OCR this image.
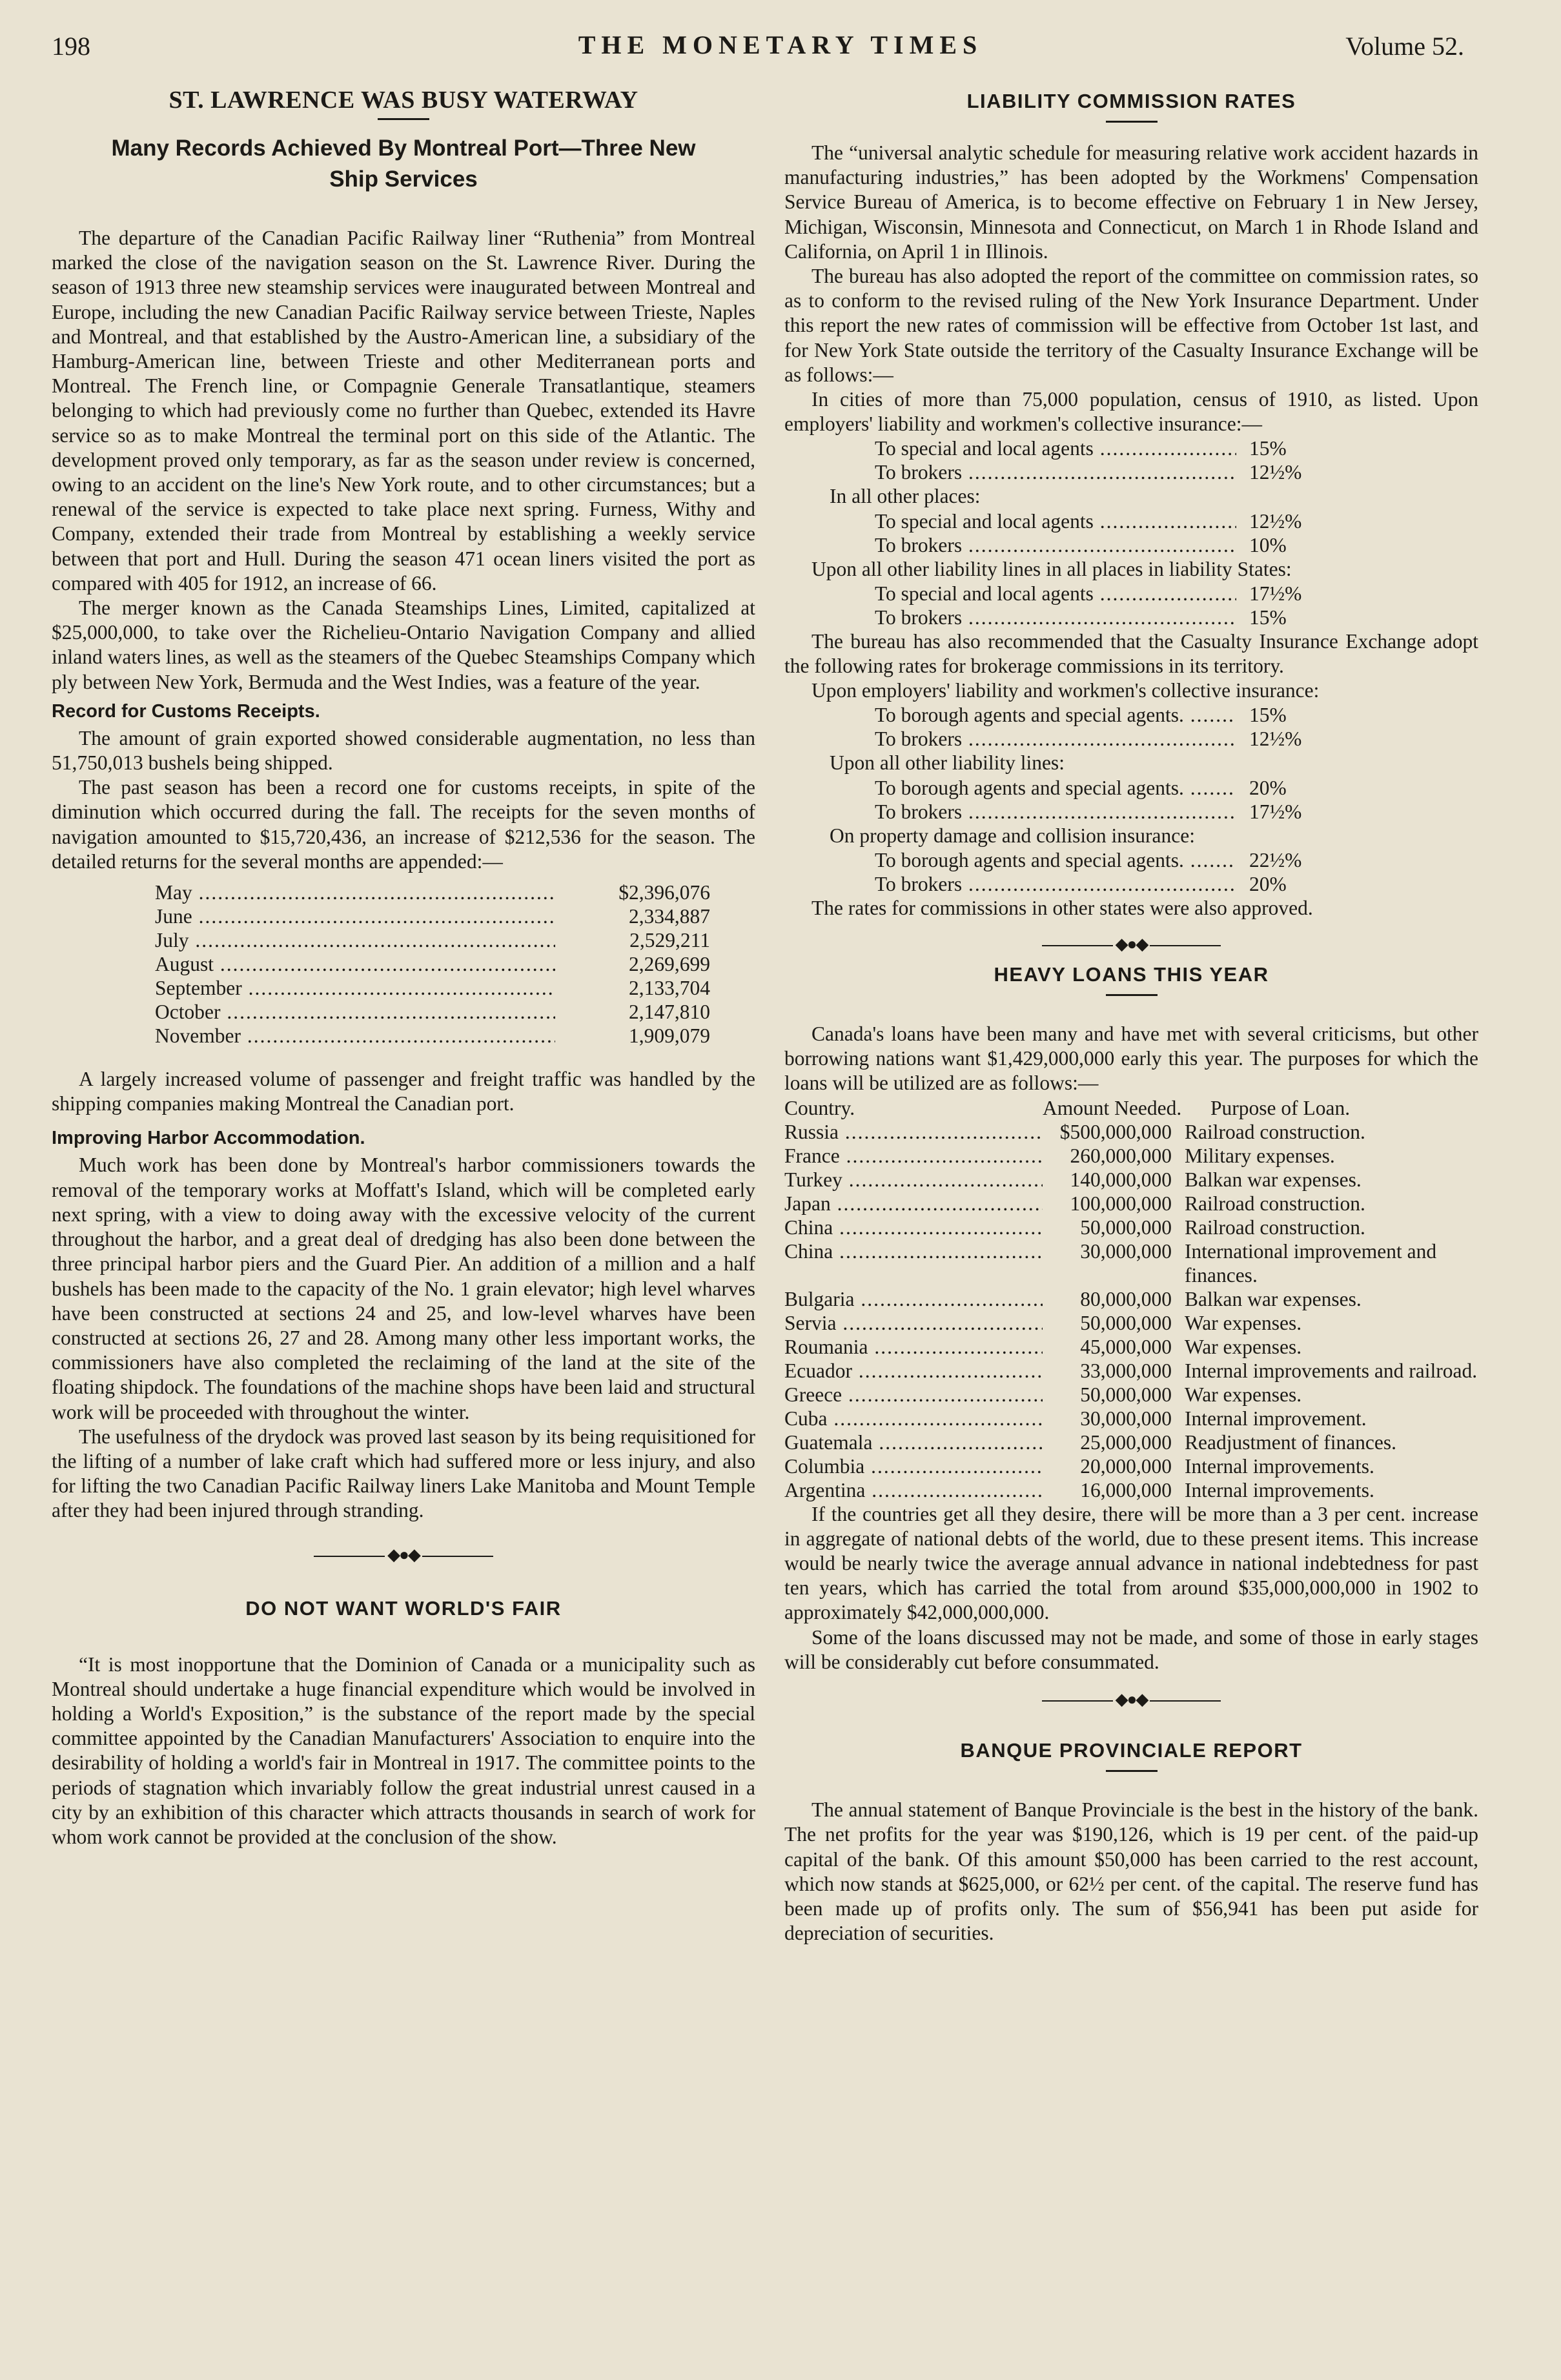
198	THE MONETARY TIMES	Volume 52.

ST. LAWRENCE WAS BUSY WATERWAY

Many Records Achieved By Montreal Port—Three New Ship Services

The departure of the Canadian Pacific Railway liner “Ruthenia” from Montreal marked the close of the navigation season on the St. Lawrence River. During the season of 1913 three new steamship services were inaugurated between Montreal and Europe, including the new Canadian Pacific Railway service between Trieste, Naples and Montreal, and that established by the Austro-American line, a subsidiary of the Hamburg-American line, between Trieste and other Mediterranean ports and Montreal. The French line, or Compagnie Generale Transatlantique, steamers belonging to which had previously come no further than Quebec, extended its Havre service so as to make Montreal the terminal port on this side of the Atlantic. The development proved only temporary, as far as the season under review is concerned, owing to an accident on the line's New York route, and to other circumstances; but a renewal of the service is expected to take place next spring. Furness, Withy and Company, extended their trade from Montreal by establishing a weekly service between that port and Hull. During the season 471 ocean liners visited the port as compared with 405 for 1912, an increase of 66.

The merger known as the Canada Steamships Lines, Limited, capitalized at $25,000,000, to take over the Richelieu-Ontario Navigation Company and allied inland waters lines, as well as the steamers of the Quebec Steamships Company which ply between New York, Bermuda and the West Indies, was a feature of the year.

Record for Customs Receipts.

The amount of grain exported showed considerable augmentation, no less than 51,750,013 bushels being shipped.

The past season has been a record one for customs receipts, in spite of the diminution which occurred during the fall. The receipts for the seven months of navigation amounted to $15,720,436, an increase of $212,536 for the season. The detailed returns for the several months are appended:—

May .....	$2,396,076
June .....	2,334,887
July .....	2,529,211
August .....	2,269,699
September .....	2,133,704
October .....	2,147,810
November .....	1,909,079

A largely increased volume of passenger and freight traffic was handled by the shipping companies making Montreal the Canadian port.

Improving Harbor Accommodation.

Much work has been done by Montreal's harbor commissioners towards the removal of the temporary works at Moffatt's Island, which will be completed early next spring, with a view to doing away with the excessive velocity of the current throughout the harbor, and a great deal of dredging has also been done between the three principal harbor piers and the Guard Pier. An addition of a million and a half bushels has been made to the capacity of the No. 1 grain elevator; high level wharves have been constructed at sections 24 and 25, and low-level wharves have been constructed at sections 26, 27 and 28. Among many other less important works, the commissioners have also completed the reclaiming of the land at the site of the floating shipdock. The foundations of the machine shops have been laid and structural work will be proceeded with throughout the winter.

The usefulness of the drydock was proved last season by its being requisitioned for the lifting of a number of lake craft which had suffered more or less injury, and also for lifting the two Canadian Pacific Railway liners Lake Manitoba and Mount Temple after they had been injured through stranding.

◆●◆

DO NOT WANT WORLD'S FAIR

“It is most inopportune that the Dominion of Canada or a municipality such as Montreal should undertake a huge financial expenditure which would be involved in holding a World's Exposition,” is the substance of the report made by the special committee appointed by the Canadian Manufacturers' Association to enquire into the desirability of holding a world's fair in Montreal in 1917. The committee points to the periods of stagnation which invariably follow the great industrial unrest caused in a city by an exhibition of this character which attracts thousands in search of work for whom work cannot be provided at the conclusion of the show.

LIABILITY COMMISSION RATES

The “universal analytic schedule for measuring relative work accident hazards in manufacturing industries,” has been adopted by the Workmens' Compensation Service Bureau of America, is to become effective on February 1 in New Jersey, Michigan, Wisconsin, Minnesota and Connecticut, on March 1 in Rhode Island and California, on April 1 in Illinois.

The bureau has also adopted the report of the committee on commission rates, so as to conform to the revised ruling of the New York Insurance Department. Under this report the new rates of commission will be effective from October 1st last, and for New York State outside the territory of the Casualty Insurance Exchange will be as follows:—

In cities of more than 75,000 population, census of 1910, as listed. Upon employers' liability and workmen's collective insurance:—

To special and local agents .....	15%
To brokers .....	12½%

In all other places:

To special and local agents .....	12½%
To brokers .....	10%

Upon all other liability lines in all places in liability States:

To special and local agents .....	17½%
To brokers .....	15%

The bureau has also recommended that the Casualty Insurance Exchange adopt the following rates for brokerage commissions in its territory.

Upon employers' liability and workmen's collective insurance:

To borough agents and special agents. .....	15%
To brokers .....	12½%

Upon all other liability lines:

To borough agents and special agents. .....	20%
To brokers .....	17½%

On property damage and collision insurance:

To borough agents and special agents. .....	22½%
To brokers .....	20%

The rates for commissions in other states were also approved.

◆●◆

HEAVY LOANS THIS YEAR

Canada's loans have been many and have met with several criticisms, but other borrowing nations want $1,429,000,000 early this year. The purposes for which the loans will be utilized are as follows:—

Country.	Amount Needed.	Purpose of Loan.
Russia .....	$500,000,000	Railroad construction.
France .....	260,000,000	Military expenses.
Turkey .....	140,000,000	Balkan war expenses.
Japan .....	100,000,000	Railroad construction.
China .....	50,000,000	Railroad construction.
China .....	30,000,000	International improvement and finances.
Bulgaria .....	80,000,000	Balkan war expenses.
Servia .....	50,000,000	War expenses.
Roumania .....	45,000,000	War expenses.
Ecuador .....	33,000,000	Internal improvements and railroad.
Greece .....	50,000,000	War expenses.
Cuba .....	30,000,000	Internal improvement.
Guatemala .....	25,000,000	Readjustment of finances.
Columbia .....	20,000,000	Internal improvements.
Argentina .....	16,000,000	Internal improvements.

If the countries get all they desire, there will be more than a 3 per cent. increase in aggregate of national debts of the world, due to these present items. This increase would be nearly twice the average annual advance in national indebtedness for past ten years, which has carried the total from around $35,000,000,000 in 1902 to approximately $42,000,000,000.

Some of the loans discussed may not be made, and some of those in early stages will be considerably cut before consummated.

◆●◆

BANQUE PROVINCIALE REPORT

The annual statement of Banque Provinciale is the best in the history of the bank. The net profits for the year was $190,126, which is 19 per cent. of the paid-up capital of the bank. Of this amount $50,000 has been carried to the rest account, which now stands at $625,000, or 62½ per cent. of the capital. The reserve fund has been made up of profits only. The sum of $56,941 has been put aside for depreciation of securities.
